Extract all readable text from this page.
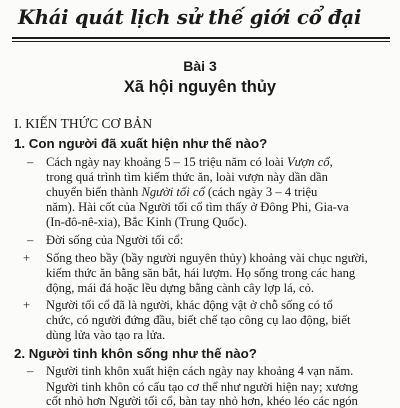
Khái quát lịch sử thế giới cổ đại
Bài 3
Xã hội nguyên thủy
I. KIẾN THỨC CƠ BẢN
1. Con người đã xuất hiện như thế nào?
– Cách ngày nay khoảng 5 – 15 triệu năm có loài Vượn cổ,
trong quá trình tìm kiếm thức ăn, loài vượn này dần dần
chuyển biến thành Người tối cổ (cách ngày 3 – 4 triệu
năm). Hài cốt của Người tối cổ tìm thấy ở Đông Phi, Gia-va
(In-đô-nê-xia), Bắc Kinh (Trung Quốc).
– Đời sống của Người tối cổ:
+ Sống theo bầy (bầy người nguyên thủy) khoảng vài chục người,
kiếm thức ăn bằng săn bắt, hái lượm. Họ sống trong các hang
động, mái đá hoặc lều dựng bằng cành cây lợp lá, cỏ.
+ Người tối cổ đã là người, khác động vật ở chỗ sống có tổ
chức, có người đứng đầu, biết chế tạo công cụ lao động, biết
dùng lửa vào tạo ra lửa.
2. Người tinh khôn sống như thế nào?
– Người tinh khôn xuất hiện cách ngày nay khoảng 4 vạn năm.
Người tinh khôn có cấu tạo cơ thể như người hiện nay; xương
cốt nhỏ hơn Người tối cổ, bàn tay nhỏ hơn, khéo léo các ngón
